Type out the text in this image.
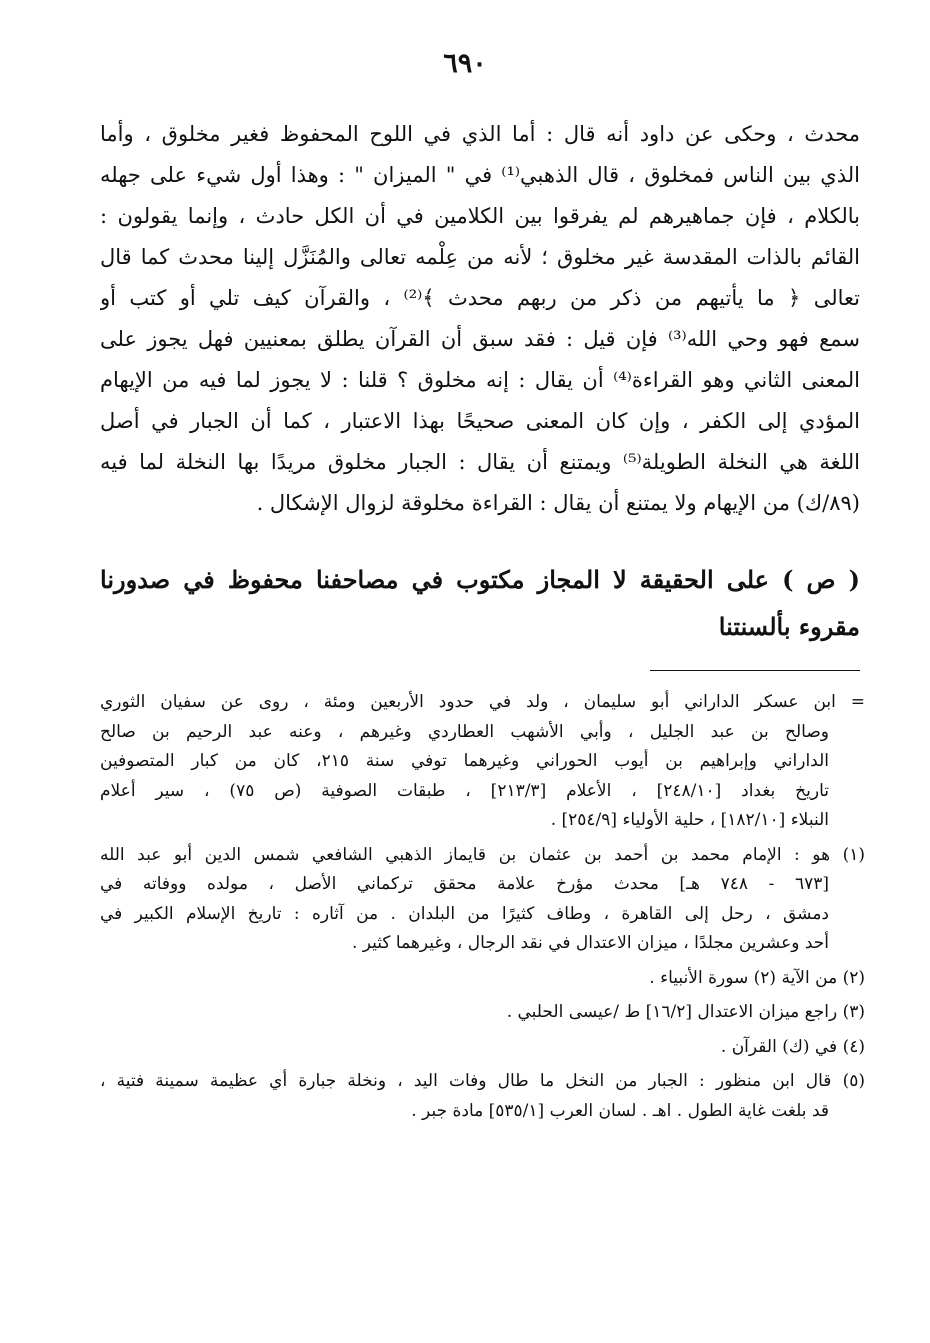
٦٩٠
محدث ، وحكى عن داود أنه قال : أما الذي في اللوح المحفوظ فغير مخلوق ، وأما
الذي بين الناس فمخلوق ، قال الذهبي⁽¹⁾ في " الميزان " : وهذا أول شيء على جهله
بالكلام ، فإن جماهيرهم لم يفرقوا بين الكلامين في أن الكل حادث ، وإنما يقولون :
القائم بالذات المقدسة غير مخلوق ؛ لأنه من عِلْمه تعالى والمُنَزَّل إلينا محدث كما قال
تعالى ﴿ ما يأتيهم من ذكر من ربهم محدث ﴾⁽²⁾ ، والقرآن كيف تلي أو كتب أو
سمع فهو وحي الله⁽³⁾ فإن قيل : فقد سبق أن القرآن يطلق بمعنيين فهل يجوز على
المعنى الثاني وهو القراءة⁽⁴⁾ أن يقال : إنه مخلوق ؟ قلنا : لا يجوز لما فيه من الإيهام
المؤدي إلى الكفر ، وإن كان المعنى صحيحًا بهذا الاعتبار ، كما أن الجبار في أصل
اللغة هي النخلة الطويلة⁽⁵⁾ ويمتنع أن يقال : الجبار مخلوق مريدًا بها النخلة لما فيه
(٨٩/ك) من الإيهام ولا يمتنع أن يقال : القراءة مخلوقة لزوال الإشكال .
( ص ) على الحقيقة لا المجاز مكتوب في مصاحفنا محفوظ في صدورنا
مقروء بألسنتنا
= ابن عسكر الداراني أبو سليمان ، ولد في حدود الأربعين ومئة ، روى عن سفيان الثوري
وصالح بن عبد الجليل ، وأبي الأشهب العطاردي وغيرهم ، وعنه عبد الرحيم بن صالح
الداراني وإبراهيم بن أيوب الحوراني وغيرهما توفي سنة ٢١٥، كان من كبار المتصوفين
تاريخ بغداد [٢٤٨/١٠] ، الأعلام [٢١٣/٣] ، طبقات الصوفية (ص ٧٥) ، سير أعلام
النبلاء [١٨٢/١٠] ، حلية الأولياء [٢٥٤/٩] .
(١) هو : الإمام محمد بن أحمد بن عثمان بن قايماز الذهبي الشافعي شمس الدين أبو عبد الله
[٦٧٣ - ٧٤٨ هـ] محدث مؤرخ علامة محقق تركماني الأصل ، مولده ووفاته في
دمشق ، رحل إلى القاهرة ، وطاف كثيرًا من البلدان . من آثاره : تاريخ الإسلام الكبير في
أحد وعشرين مجلدًا ، ميزان الاعتدال في نقد الرجال ، وغيرهما كثير .
(٢) من الآية (٢) سورة الأنبياء .
(٣) راجع ميزان الاعتدال [١٦/٢] ط /عيسى الحلبي .
(٤) في (ك) القرآن .
(٥) قال ابن منظور : الجبار من النخل ما طال وفات اليد ، ونخلة جبارة أي عظيمة سمينة فتية ،
قد بلغت غاية الطول . اهـ . لسان العرب [٥٣٥/١] مادة جبر .
